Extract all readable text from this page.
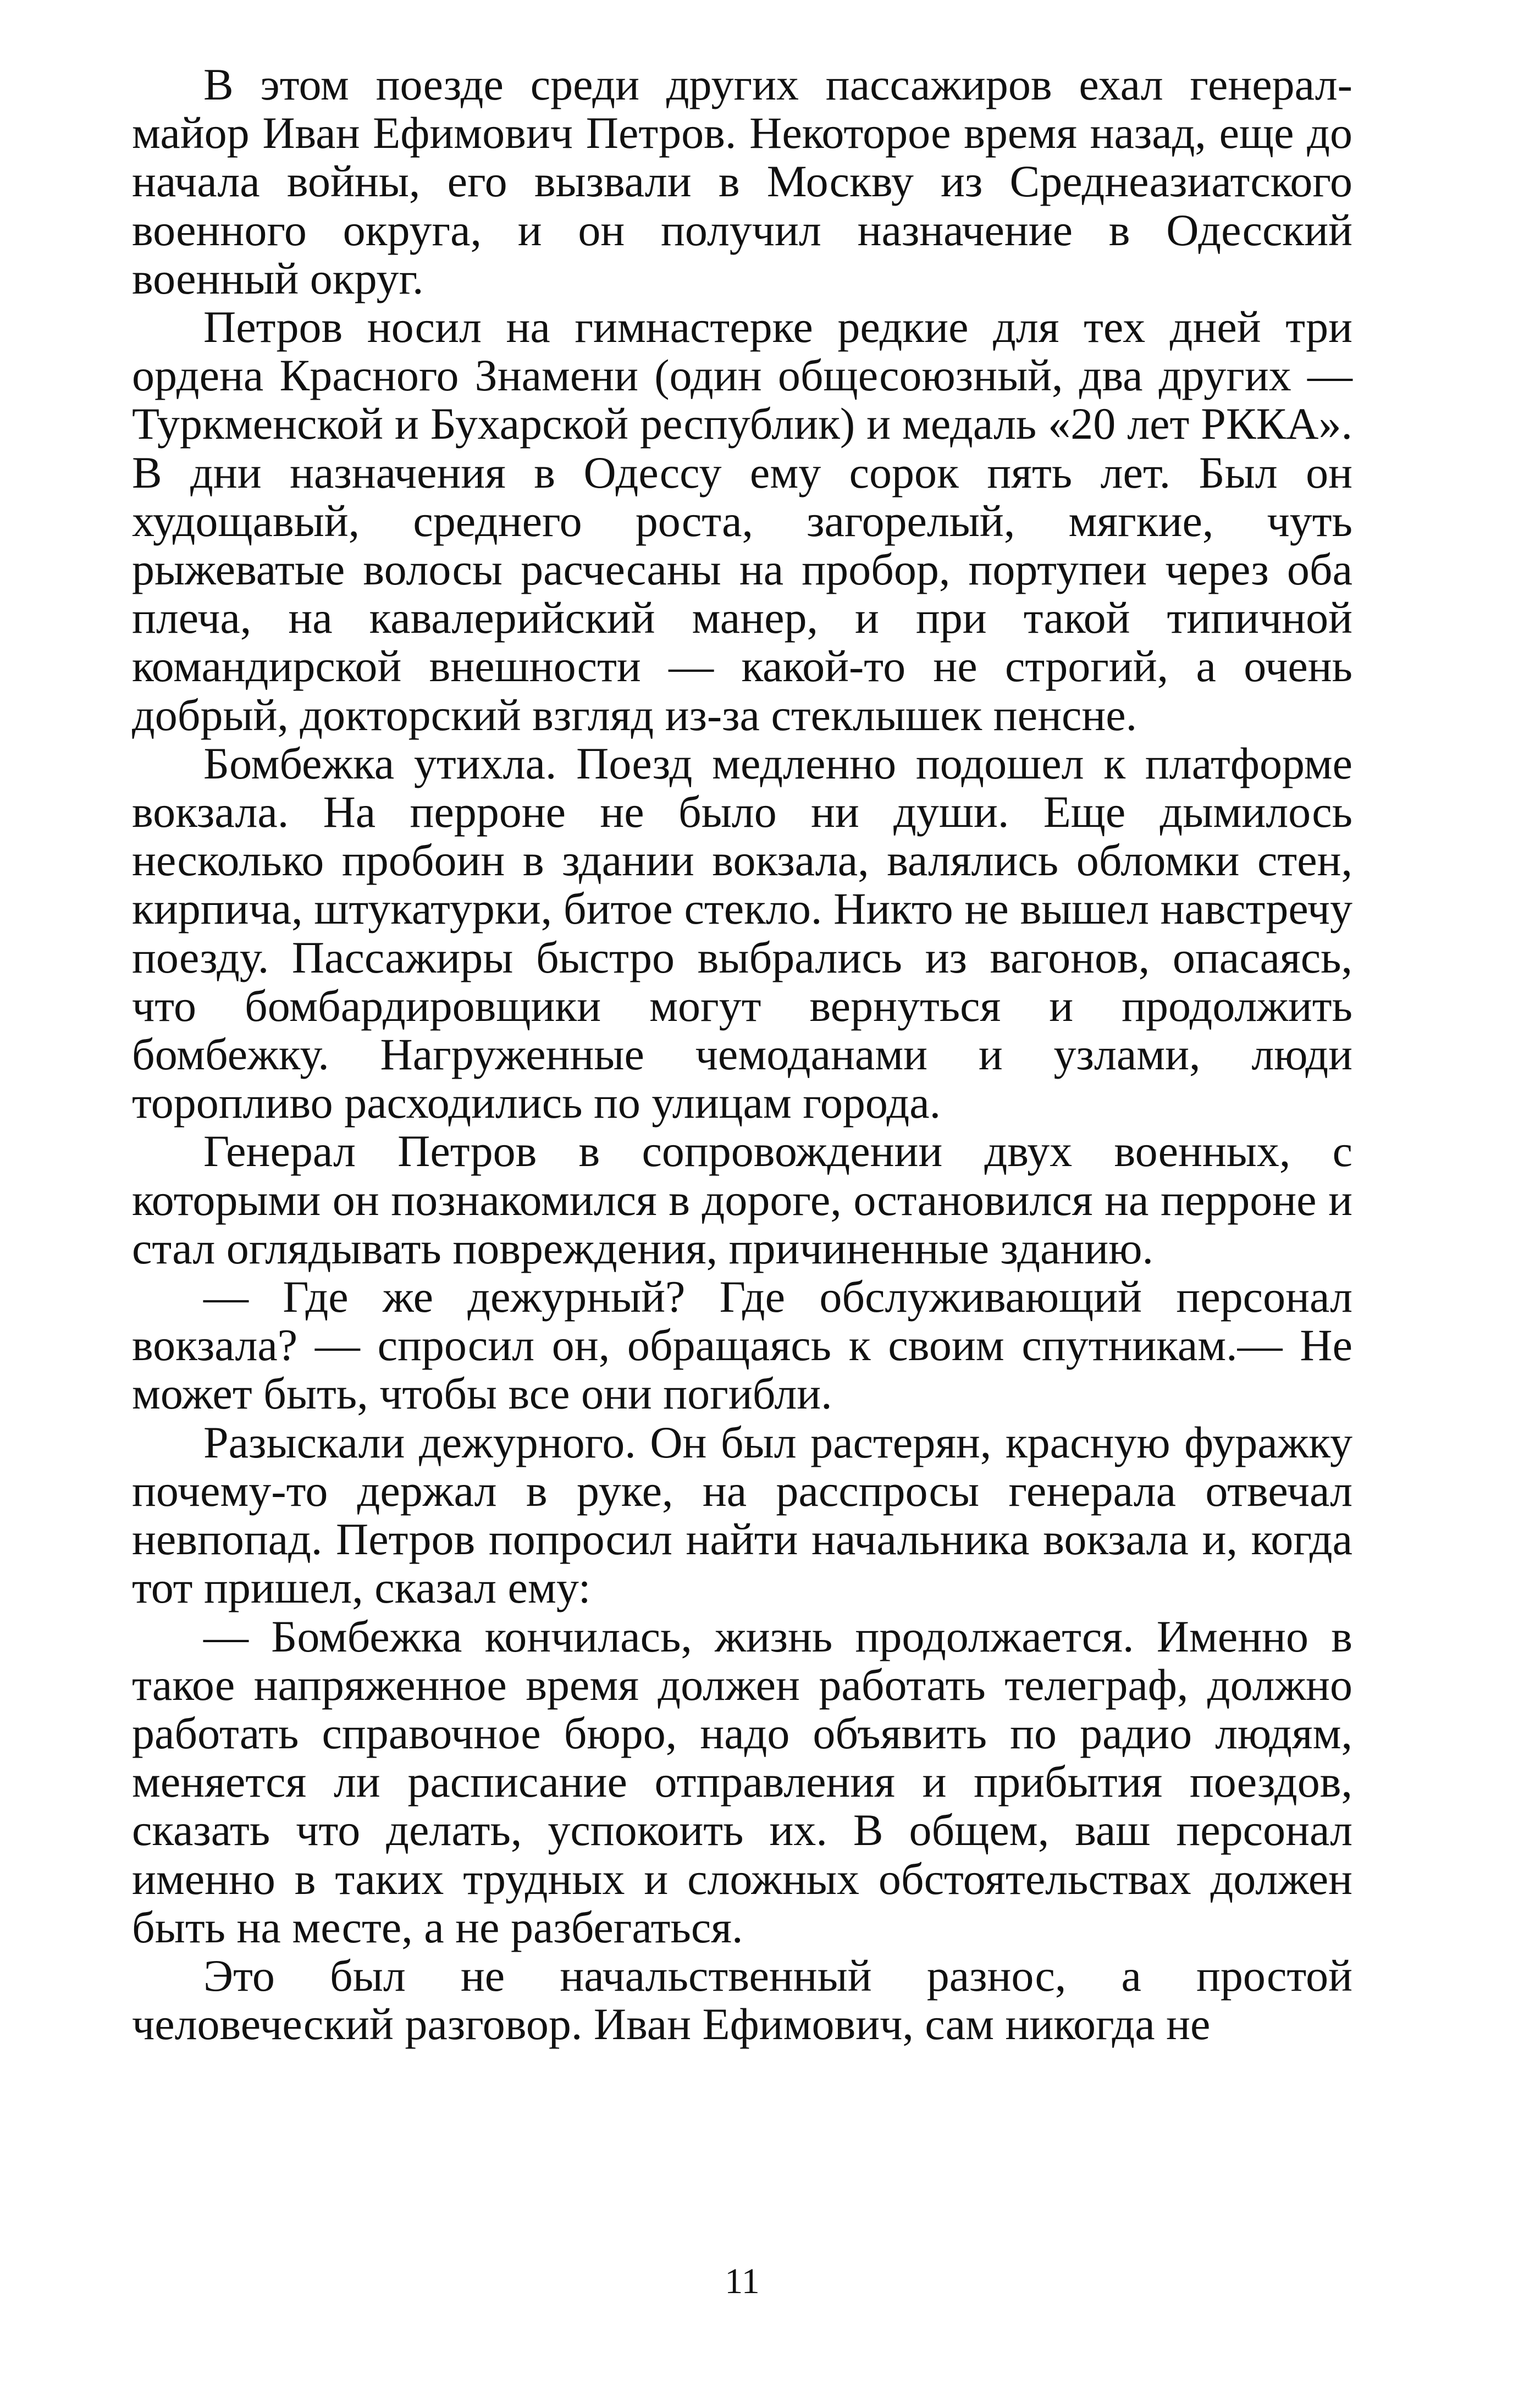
В этом поезде среди других пассажиров ехал генерал-майор Иван Ефимович Петров. Некоторое время назад, еще до начала войны, его вызвали в Москву из Среднеазиатского военного округа, и он получил назначение в Одесский военный округ.

Петров носил на гимнастерке редкие для тех дней три ордена Красного Знамени (один общесоюзный, два других — Туркменской и Бухарской республик) и медаль «20 лет РККА». В дни назначения в Одессу ему сорок пять лет. Был он худощавый, среднего роста, загорелый, мягкие, чуть рыжеватые волосы расчесаны на пробор, портупеи через оба плеча, на кавалерийский манер, и при такой типичной командирской внешности — какой-то не строгий, а очень добрый, докторский взгляд из-за стеклышек пенсне.

Бомбежка утихла. Поезд медленно подошел к платформе вокзала. На перроне не было ни души. Еще дымилось несколько пробоин в здании вокзала, валялись обломки стен, кирпича, штукатурки, битое стекло. Никто не вышел навстречу поезду. Пассажиры быстро выбрались из вагонов, опасаясь, что бомбардировщики могут вернуться и продолжить бомбежку. Нагруженные чемоданами и узлами, люди торопливо расходились по улицам города.

Генерал Петров в сопровождении двух военных, с которыми он познакомился в дороге, остановился на перроне и стал оглядывать повреждения, причиненные зданию.

— Где же дежурный? Где обслуживающий персонал вокзала? — спросил он, обращаясь к своим спутникам.— Не может быть, чтобы все они погибли.

Разыскали дежурного. Он был растерян, красную фуражку почему-то держал в руке, на расспросы генерала отвечал невпопад. Петров попросил найти начальника вокзала и, когда тот пришел, сказал ему:

— Бомбежка кончилась, жизнь продолжается. Именно в такое напряженное время должен работать телеграф, должно работать справочное бюро, надо объявить по радио людям, меняется ли расписание отправления и прибытия поездов, сказать что делать, успокоить их. В общем, ваш персонал именно в таких трудных и сложных обстоятельствах должен быть на месте, а не разбегаться.

Это был не начальственный разнос, а простой человеческий разговор. Иван Ефимович, сам никогда не

11
